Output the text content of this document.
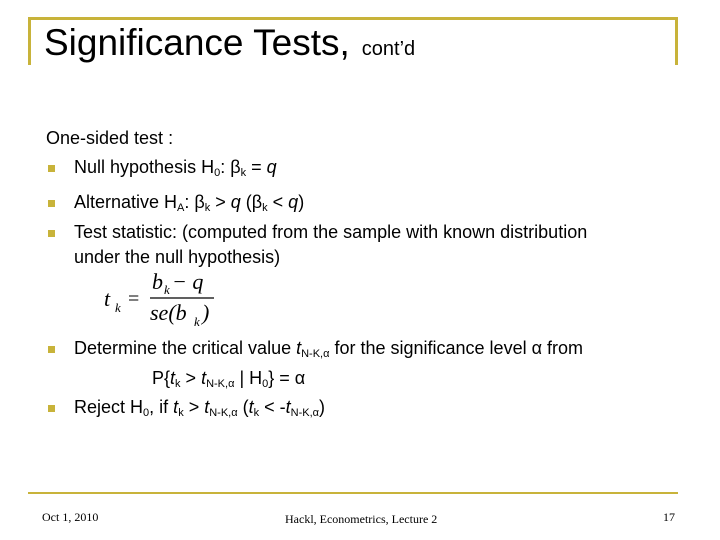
Significance Tests, cont’d
One-sided test :
Null hypothesis $H_0$: $\beta_k = q$
Alternative $H_A$: $\beta_k > q$ $(\beta_k < q)$
Test statistic: (computed from the sample with known distribution
under the null hypothesis)
t k =
b k − q
se(b k )
Determine the critical value $t_{N-K,\alpha}$ for the significance level α from
$P\{t_k > t_{N-K,\alpha}$ | $H_0\} = \alpha$
Reject $H_0$, if $t_k > t_{N-K,\alpha}$ $(t_k < -t_{N-K,\alpha})$
Oct 1, 2010	Hackl, Econometrics, Lecture 2	17
